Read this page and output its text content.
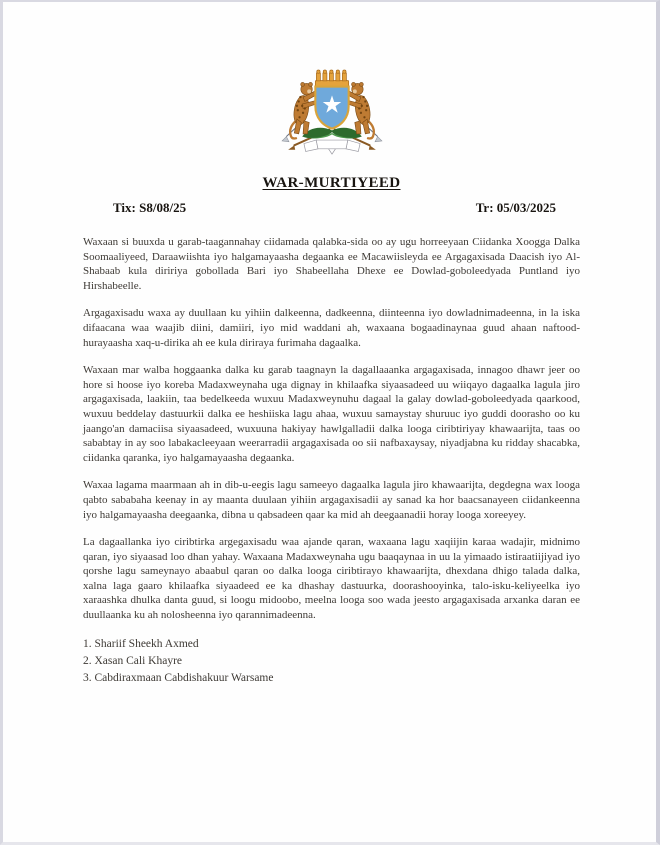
WAR-MURTIYEED
Tix: S8/08/25	Tr: 05/03/2025

Waxaan si buuxda u garab-taagannahay ciidamada qalabka-sida oo ay ugu horreeyaan Ciidanka Xoogga Dalka Soomaaliyeed, Daraawiishta iyo halgamayaasha degaanka ee Macawiisleyda ee Argagaxisada Daacish iyo Al-Shabaab kula diririya gobollada Bari iyo Shabeellaha Dhexe ee Dowlad-goboleedyada Puntland iyo Hirshabeelle.

Argagaxisadu waxa ay duullaan ku yihiin dalkeenna, dadkeenna, diinteenna iyo dowladnimadeenna, in la iska difaacana waa waajib diini, damiiri, iyo mid waddani ah, waxaana bogaadinaynaa guud ahaan naftood-hurayaasha xaq-u-dirika ah ee kula diriraya furimaha dagaalka.

Waxaan mar walba hoggaanka dalka ku garab taagnayn la dagallaaanka argagaxisada, innagoo dhawr jeer oo hore si hoose iyo koreba Madaxweynaha uga dignay in khilaafka siyaasadeed uu wiiqayo dagaalka lagula jiro argagaxisada, laakiin, taa bedelkeeda wuxuu Madaxweynuhu dagaal la galay dowlad-goboleedyada qaarkood, wuxuu beddelay dastuurkii dalka ee heshiiska lagu ahaa, wuxuu samaystay shuruuc iyo guddi doorasho oo ku jaango'an damaciisa siyaasadeed, wuxuuna hakiyay hawlgalladii dalka looga ciribtiriyay khawaarijta, taas oo sababtay in ay soo labakacleeyaan weerarradii argagaxisada oo sii nafbaxaysay, niyadjabna ku ridday shacabka, ciidanka qaranka, iyo halgamayaasha degaanka.

Waxaa lagama maarmaan ah in dib-u-eegis lagu sameeyo dagaalka lagula jiro khawaarijta, degdegna wax looga qabto sababaha keenay in ay maanta duulaan yihiin argagaxisadii ay sanad ka hor baacsanayeen ciidankeenna iyo halgamayaasha deegaanka, dibna u qabsadeen qaar ka mid ah deegaanadii horay looga xoreeyey.

La dagaallanka iyo ciribtirka argegaxisadu waa ajande qaran, waxaana lagu xaqiijin karaa wadajir, midnimo qaran, iyo siyaasad loo dhan yahay. Waxaana Madaxweynaha ugu baaqaynaa in uu la yimaado istiraatiijiyad iyo qorshe lagu sameynayo abaabul qaran oo dalka looga ciribtirayo khawaarijta, dhexdana dhigo talada dalka, xalna laga gaaro khilaafka siyaadeed ee ka dhashay dastuurka, doorashooyinka, talo-isku-keliyeelka iyo xaraashka dhulka danta guud, si loogu midoobo, meelna looga soo wada jeesto argagaxisada arxanka daran ee duullaanka ku ah nolosheenna iyo qarannimadeenna.

1. Shariif Sheekh Axmed
2. Xasan Cali Khayre
3. Cabdiraxmaan Cabdishakuur Warsame
